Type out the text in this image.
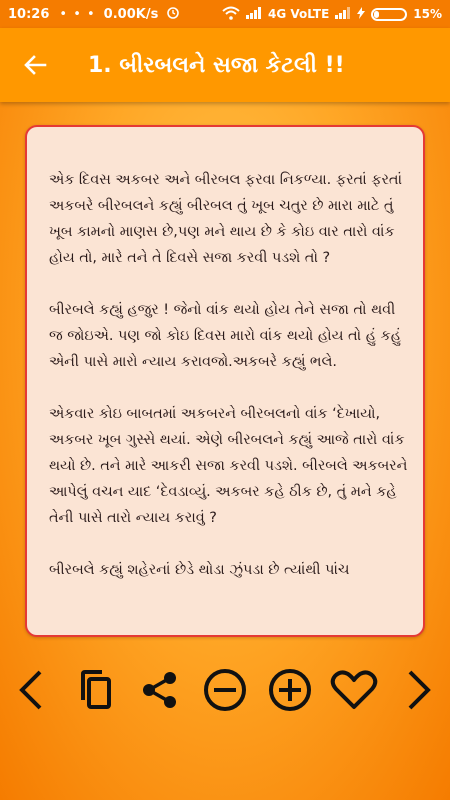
10:26 • • • 0.00K/s	4G VoLTE	15%
1. બીરબલને સજા કેટલી !!

એક દિવસ અકબર અને બીરબલ ફરવા નિકળ્યા. ફરતાં ફરતાં અકબરે બીરબલને કહ્યું બીરબલ તું ખૂબ ચતુર છે મારા માટે તું ખૂબ કામનો માણસ છે,પણ મને થાય છે કે કોઇ વાર તારો વાંક હોય તો, મારે તને તે દિવસે સજા કરવી પડશે તો ?

બીરબલે કહ્યું હજુર ! જેનો વાંક થયો હોય તેને સજા તો થવી જ જોઇએ. પણ જો કોઇ દિવસ મારો વાંક થયો હોય તો હું કહું એની પાસે મારો ન્યાય કરાવજો.અકબરે કહ્યું ભલે.

એકવાર કોઇ બાબતમાં અકબરને બીરબલનો વાંક ‘દેખાયો, અકબર ખૂબ ગુસ્સે થયાં. એણે બીરબલને કહ્યું આજે તારો વાંક થયો છે. તને મારે આકરી સજા કરવી પડશે. બીરબલે અકબરને આપેલું વચન યાદ ‘દેવડાવ્યું. અકબર કહે ઠીક છે, તું મને કહે તેની પાસે તારો ન્યાય કરાવું ?

બીરબલે કહ્યું શહેરનાં છેડે થોડા ઝુંપડા છે ત્યાંથી પાંચ
